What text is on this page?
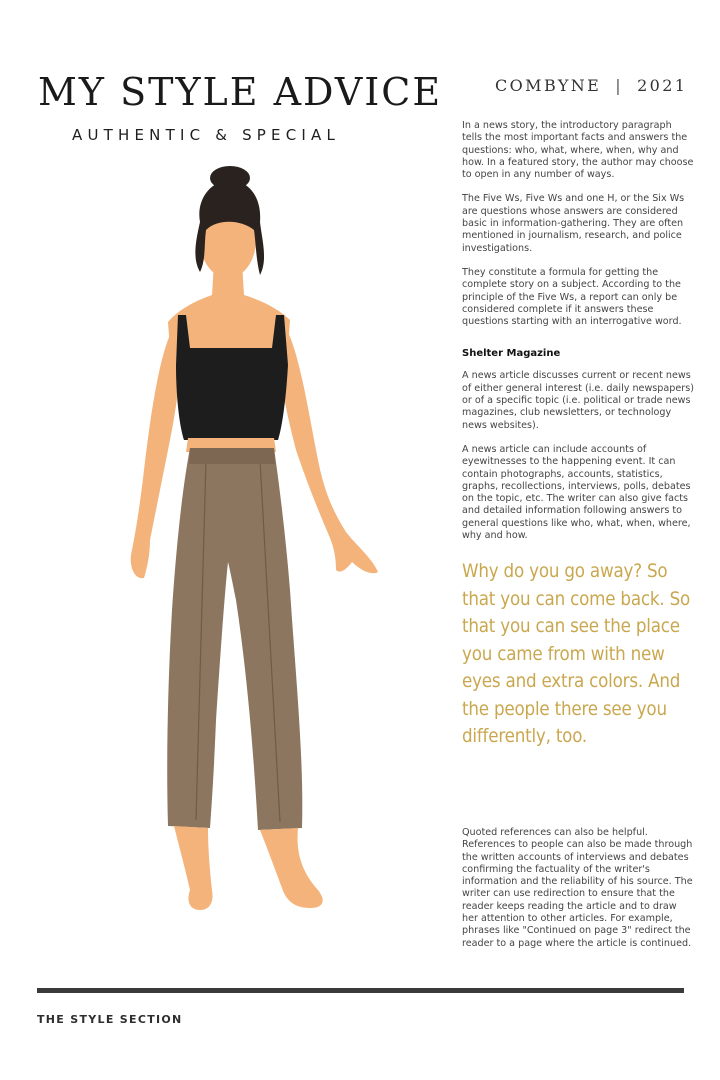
MY STYLE ADVICE
AUTHENTIC & SPECIAL
COMBYNE | 2021

In a news story, the introductory paragraph tells the most important facts and answers the questions: who, what, where, when, why and how. In a featured story, the author may choose to open in any number of ways.

The Five Ws, Five Ws and one H, or the Six Ws are questions whose answers are considered basic in information-gathering. They are often mentioned in journalism, research, and police investigations.

They constitute a formula for getting the complete story on a subject. According to the principle of the Five Ws, a report can only be considered complete if it answers these questions starting with an interrogative word.

Shelter Magazine

A news article discusses current or recent news of either general interest (i.e. daily newspapers) or of a specific topic (i.e. political or trade news magazines, club newsletters, or technology news websites).

A news article can include accounts of eyewitnesses to the happening event. It can contain photographs, accounts, statistics, graphs, recollections, interviews, polls, debates on the topic, etc. The writer can also give facts and detailed information following answers to general questions like who, what, when, where, why and how.

Why do you go away? So that you can come back. So that you can see the place you came from with new eyes and extra colors. And the people there see you differently, too.

Quoted references can also be helpful. References to people can also be made through the written accounts of interviews and debates confirming the factuality of the writer's information and the reliability of his source. The writer can use redirection to ensure that the reader keeps reading the article and to draw her attention to other articles. For example, phrases like "Continued on page 3" redirect the reader to a page where the article is continued.

THE STYLE SECTION
